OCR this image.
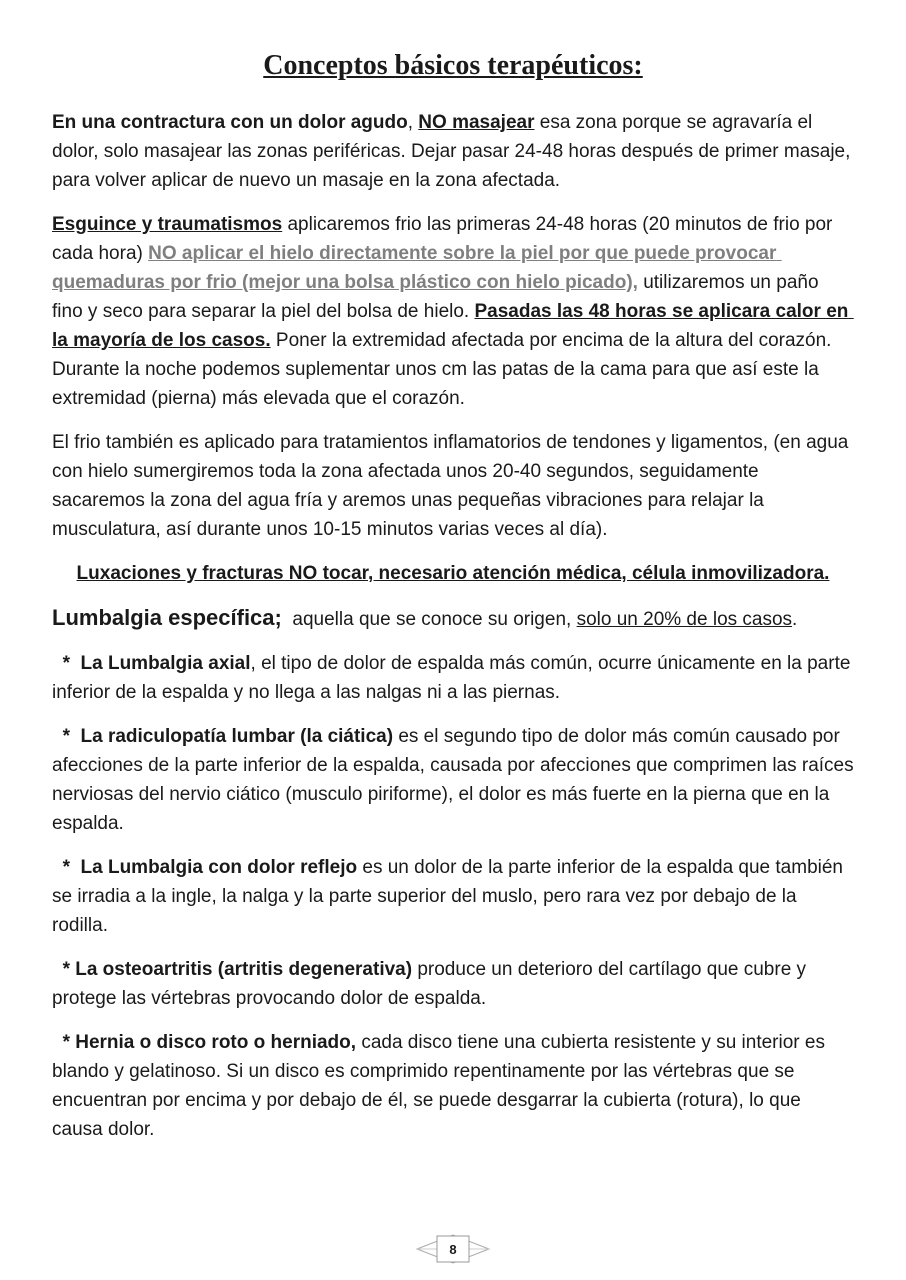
Conceptos básicos terapéuticos:

En una contractura con un dolor agudo, NO masajear esa zona porque se agravaría el dolor, solo masajear las zonas periféricas. Dejar pasar 24-48 horas después de primer masaje,  para volver aplicar de nuevo un masaje en la zona afectada.

Esguince y traumatismos aplicaremos frio las primeras 24-48 horas (20 minutos de frio por cada hora) NO aplicar el hielo directamente sobre la piel por que puede provocar quemaduras por frio (mejor una bolsa plástico con hielo picado), utilizaremos un paño fino y seco para separar la piel del bolsa de hielo. Pasadas las 48 horas se aplicara calor en la mayoría de los casos. Poner la extremidad afectada por encima de la altura del corazón. Durante la noche podemos suplementar unos cm las patas de la cama para que así este la extremidad (pierna) más elevada que el corazón.

El frio también es aplicado para tratamientos inflamatorios de tendones y ligamentos, (en agua con hielo sumergiremos toda la zona afectada unos 20-40 segundos, seguidamente sacaremos la zona del agua fría y aremos unas pequeñas vibraciones para relajar la musculatura, así durante unos 10-15 minutos varias veces al día).

Luxaciones y fracturas NO tocar, necesario atención médica, célula inmovilizadora.

Lumbalgia específica;  aquella que se conoce su origen, solo un 20% de los casos.

*  La Lumbalgia axial, el tipo de dolor de espalda más común, ocurre únicamente en la parte inferior de la espalda y no llega a las nalgas ni a las piernas.

*  La radiculopatía lumbar (la ciática) es el segundo tipo de dolor más común causado por afecciones de la parte inferior de la espalda, causada por afecciones que comprimen las raíces nerviosas del nervio ciático (musculo piriforme), el dolor es más fuerte en la pierna que en la espalda.

*  La Lumbalgia con dolor reflejo es un dolor de la parte inferior de la espalda que también se irradia a la ingle, la nalga y la parte superior del muslo, pero rara vez por debajo de la rodilla.

* La osteoartritis (artritis degenerativa) produce un deterioro del cartílago que cubre y protege las vértebras provocando dolor de espalda.

* Hernia o disco roto o herniado, cada disco tiene una cubierta resistente y su interior es blando y gelatinoso. Si un disco es comprimido repentinamente por las vértebras que se encuentran por encima y por debajo de él, se puede desgarrar la cubierta (rotura), lo que causa dolor.

8
